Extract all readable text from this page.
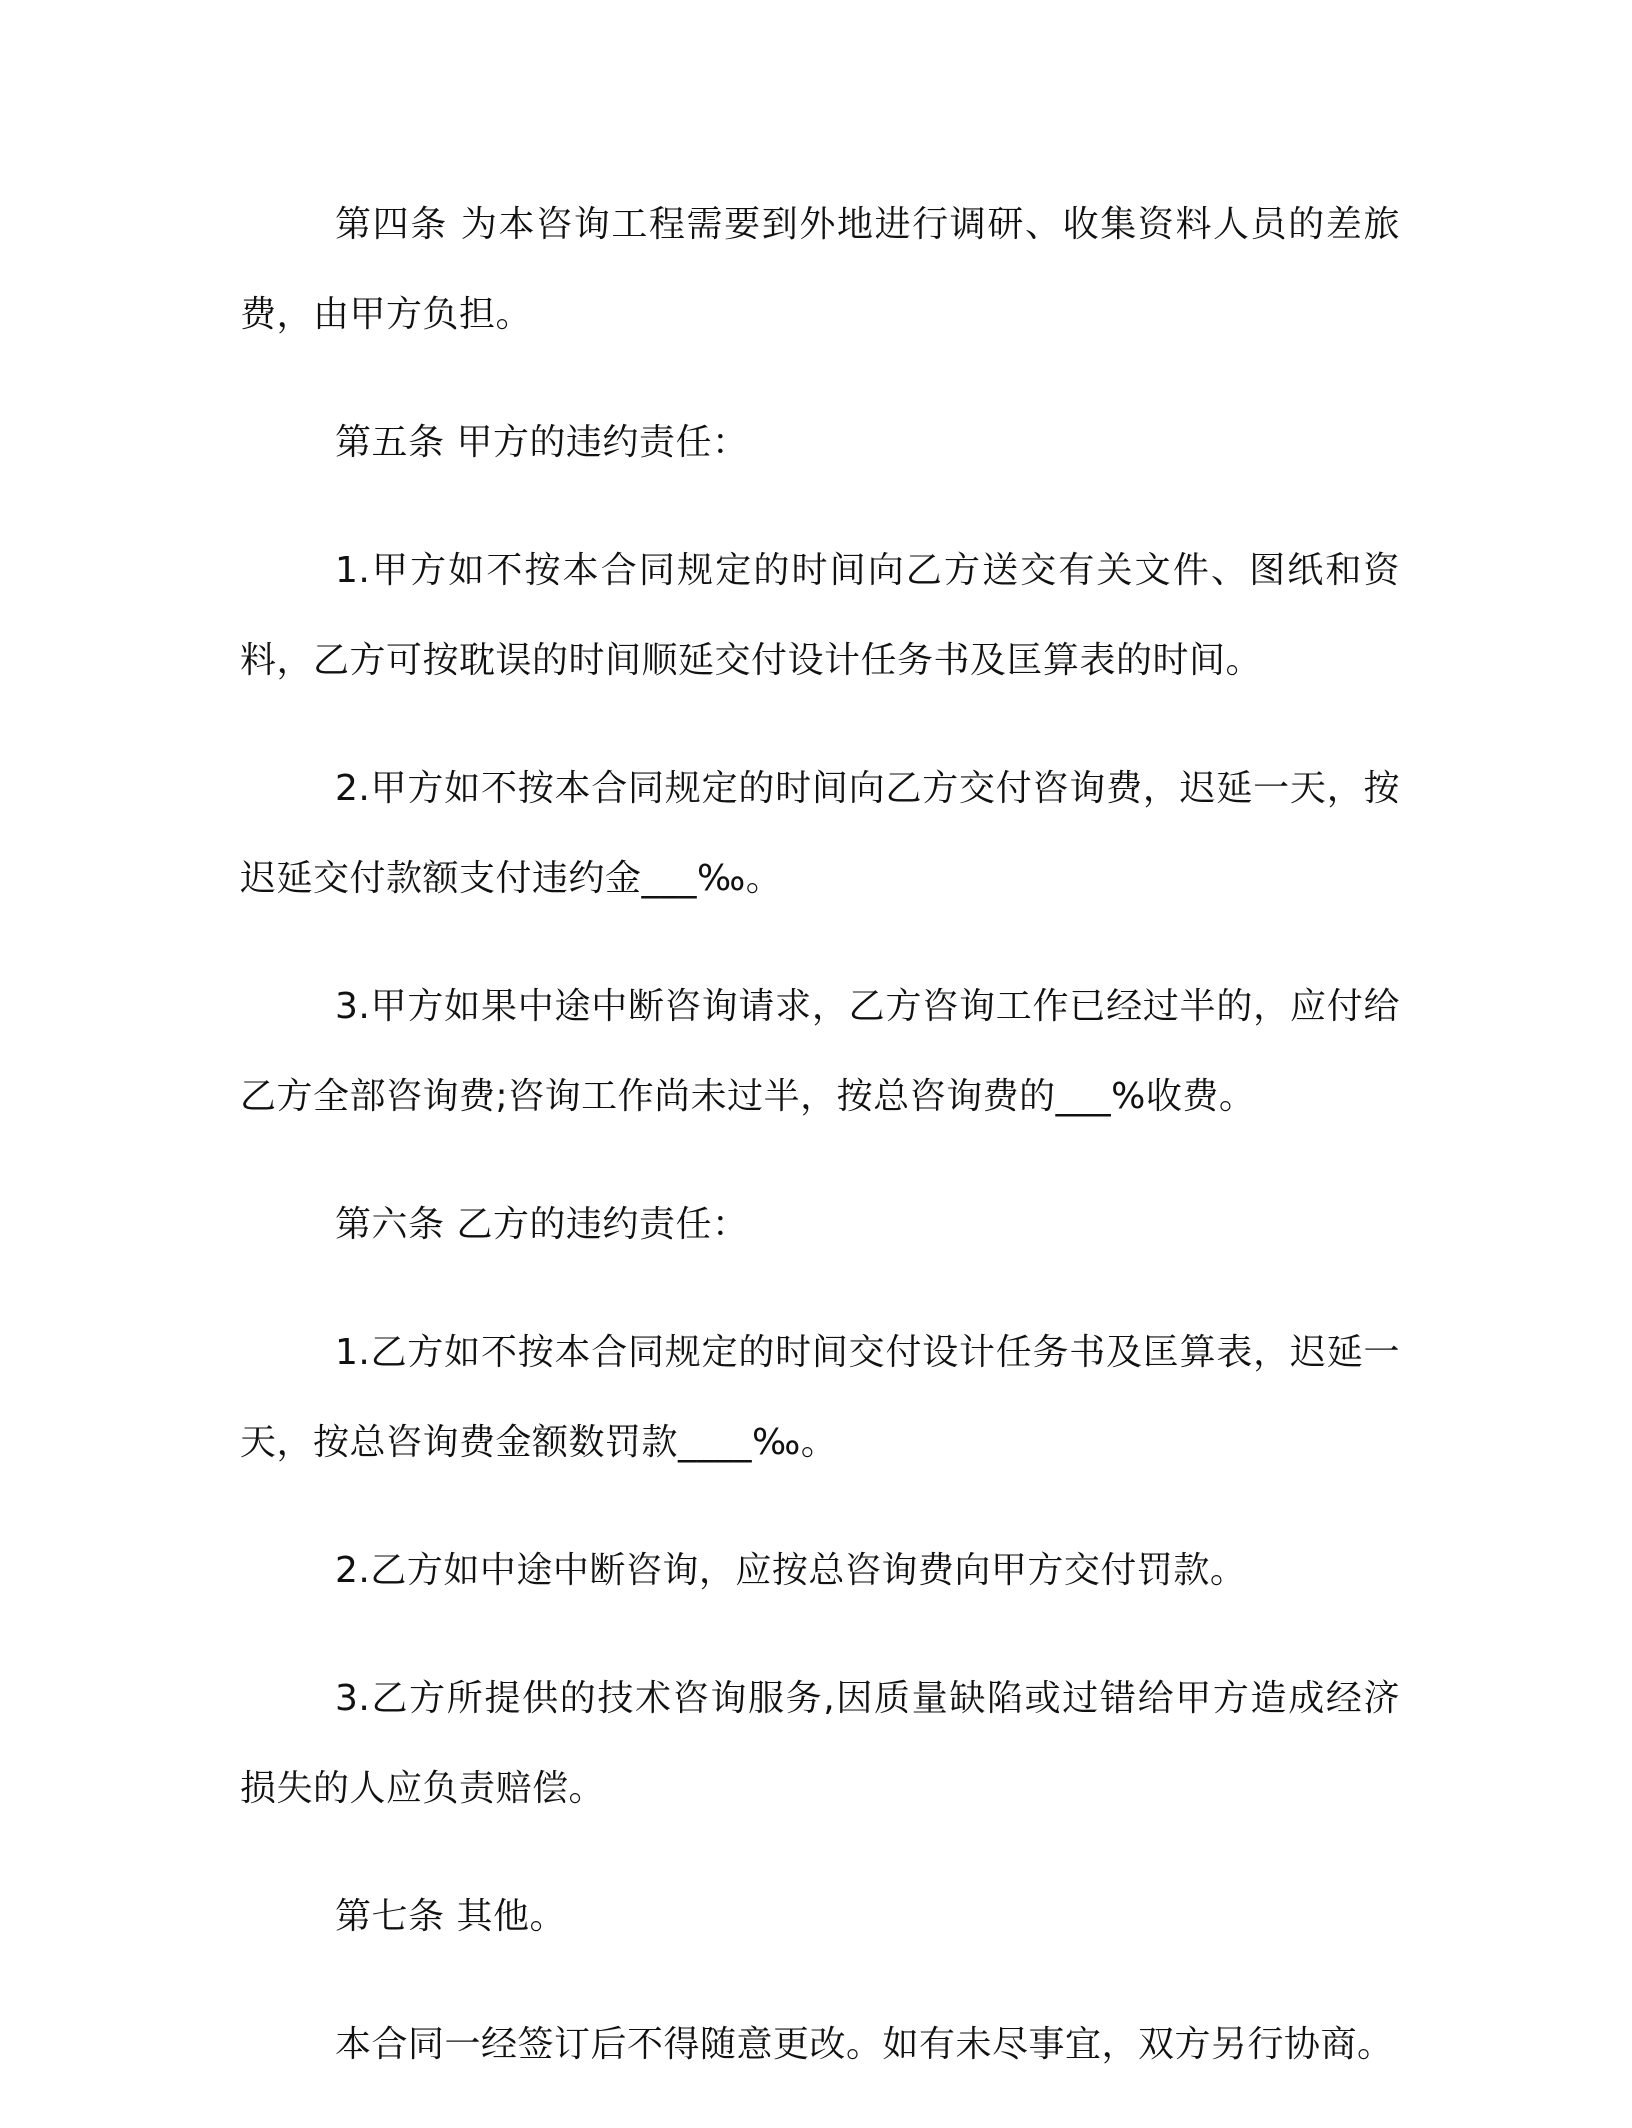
第四条 为本咨询工程需要到外地进行调研、收集资料人员的差旅费，由甲方负担。

第五条 甲方的违约责任：

1.甲方如不按本合同规定的时间向乙方送交有关文件、图纸和资料，乙方可按耽误的时间顺延交付设计任务书及匡算表的时间。

2.甲方如不按本合同规定的时间向乙方交付咨询费，迟延一天，按迟延交付款额支付违约金___‰。

3.甲方如果中途中断咨询请求，乙方咨询工作已经过半的，应付给乙方全部咨询费;咨询工作尚未过半，按总咨询费的___%收费。

第六条 乙方的违约责任：

1.乙方如不按本合同规定的时间交付设计任务书及匡算表，迟延一天，按总咨询费金额数罚款____‰。

2.乙方如中途中断咨询，应按总咨询费向甲方交付罚款。

3.乙方所提供的技术咨询服务,因质量缺陷或过错给甲方造成经济损失的人应负责赔偿。

第七条 其他。

本合同一经签订后不得随意更改。如有未尽事宜，双方另行协商。
